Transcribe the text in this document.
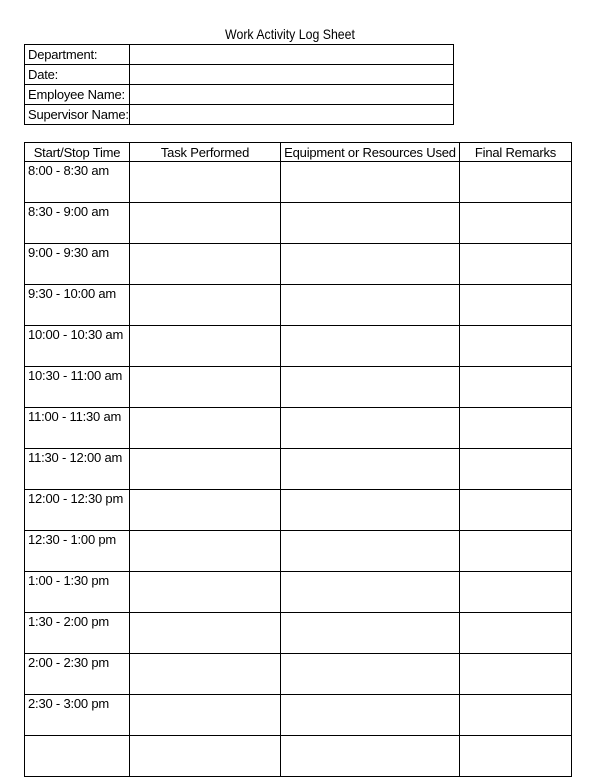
Work Activity Log Sheet
Department:	
Date:	
Employee Name:	
Supervisor Name:	
Start/Stop Time	Task Performed	Equipment or Resources Used	Final Remarks
8:00 - 8:30 am			
8:30 - 9:00 am			
9:00 - 9:30 am			
9:30 - 10:00 am			
10:00 - 10:30 am			
10:30 - 11:00 am			
11:00 - 11:30 am			
11:30 - 12:00 am			
12:00 - 12:30 pm			
12:30 - 1:00 pm			
1:00 - 1:30 pm			
1:30 - 2:00 pm			
2:00 - 2:30 pm			
2:30 - 3:00 pm			
